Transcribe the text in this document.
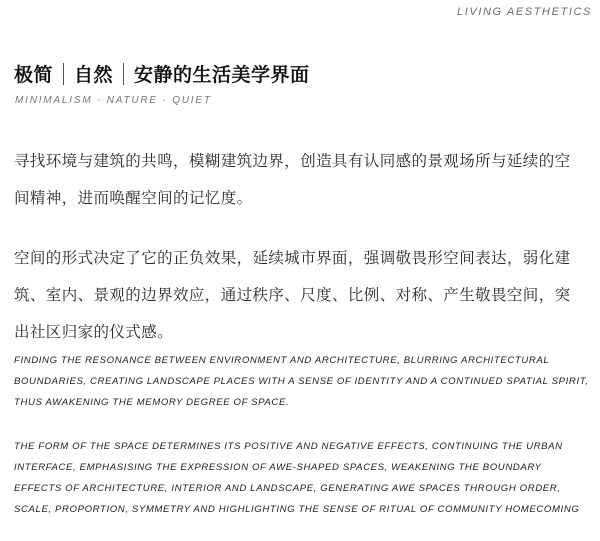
LIVING AESTHETICS
极简 自然 安静的生活美学界面
MINIMALISM · NATURE · QUIET

寻找环境与建筑的共鸣，模糊建筑边界，创造具有认同感的景观场所与延续的空间精神，进而唤醒空间的记忆度。

空间的形式决定了它的正负效果，延续城市界面，强调敬畏形空间表达，弱化建筑、室内、景观的边界效应，通过秩序、尺度、比例、对称、产生敬畏空间，突出社区归家的仪式感。

FINDING THE RESONANCE BETWEEN ENVIRONMENT AND ARCHITECTURE, BLURRING ARCHITECTURAL BOUNDARIES, CREATING LANDSCAPE PLACES WITH A SENSE OF IDENTITY AND A CONTINUED SPATIAL SPIRIT, THUS AWAKENING THE MEMORY DEGREE OF SPACE.

THE FORM OF THE SPACE DETERMINES ITS POSITIVE AND NEGATIVE EFFECTS, CONTINUING THE URBAN INTERFACE, EMPHASISING THE EXPRESSION OF AWE-SHAPED SPACES, WEAKENING THE BOUNDARY EFFECTS OF ARCHITECTURE, INTERIOR AND LANDSCAPE, GENERATING AWE SPACES THROUGH ORDER, SCALE, PROPORTION, SYMMETRY AND HIGHLIGHTING THE SENSE OF RITUAL OF COMMUNITY HOMECOMING
